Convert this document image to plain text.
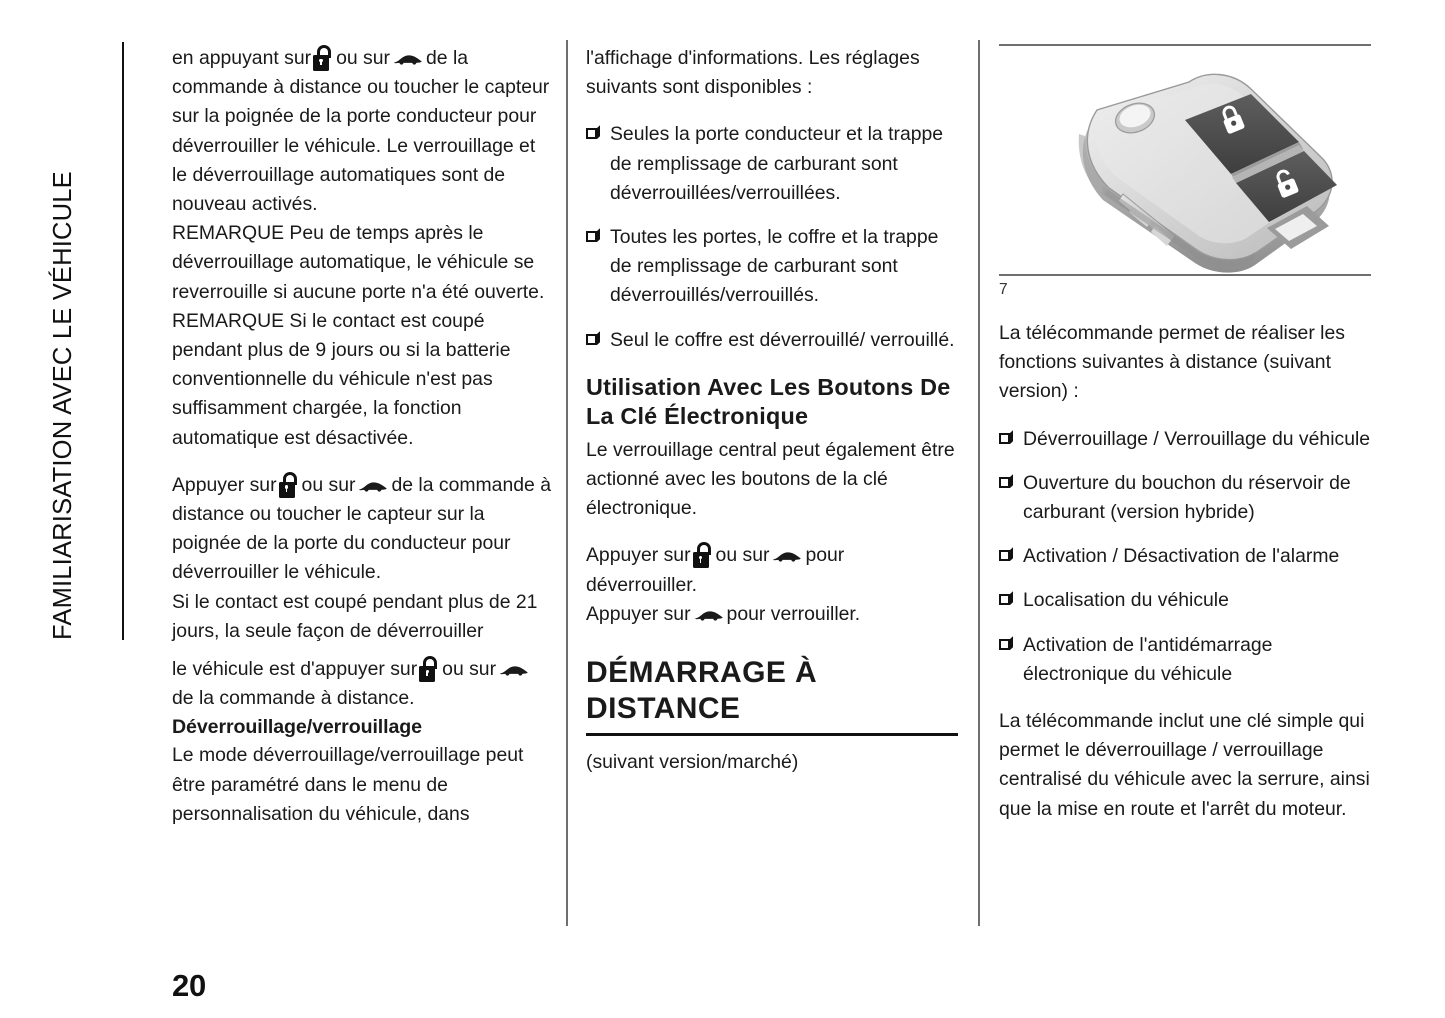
FAMILIARISATION AVEC LE VÉHICULE

en appuyant sur ou sur de la commande à distance ou toucher le capteur sur la poignée de la porte conducteur pour déverrouiller le véhicule. Le verrouillage et le déverrouillage automatiques sont de nouveau activés.

REMARQUE Peu de temps après le déverrouillage automatique, le véhicule se reverrouille si aucune porte n'a été ouverte.

REMARQUE Si le contact est coupé pendant plus de 9 jours ou si la batterie conventionnelle du véhicule n'est pas suffisamment chargée, la fonction automatique est désactivée.

Appuyer sur ou sur de la commande à distance ou toucher le capteur sur la poignée de la porte du conducteur pour déverrouiller le véhicule.

Si le contact est coupé pendant plus de 21 jours, la seule façon de déverrouiller

le véhicule est d'appuyer sur ou sur
de la commande à distance.

Déverrouillage/verrouillage

Le mode déverrouillage/verrouillage peut être paramétré dans le menu de personnalisation du véhicule, dans

l'affichage d'informations. Les réglages suivants sont disponibles :

Seules la porte conducteur et la trappe de remplissage de carburant sont déverrouillées/verrouillées.
Toutes les portes, le coffre et la trappe de remplissage de carburant sont déverrouillés/verrouillés.
Seul le coffre est déverrouillé/ verrouillé.

Utilisation Avec Les Boutons De La Clé Électronique

Le verrouillage central peut également être actionné avec les boutons de la clé électronique.

Appuyer sur ou sur pour déverrouiller.

Appuyer sur pour verrouiller.

DÉMARRAGE À DISTANCE

(suivant version/marché)

7

La télécommande permet de réaliser les fonctions suivantes à distance (suivant version) :

Déverrouillage / Verrouillage du véhicule
Ouverture du bouchon du réservoir de carburant (version hybride)
Activation / Désactivation de l'alarme
Localisation du véhicule
Activation de l'antidémarrage électronique du véhicule

La télécommande inclut une clé simple qui permet le déverrouillage / verrouillage centralisé du véhicule avec la serrure, ainsi que la mise en route et l'arrêt du moteur.

20
